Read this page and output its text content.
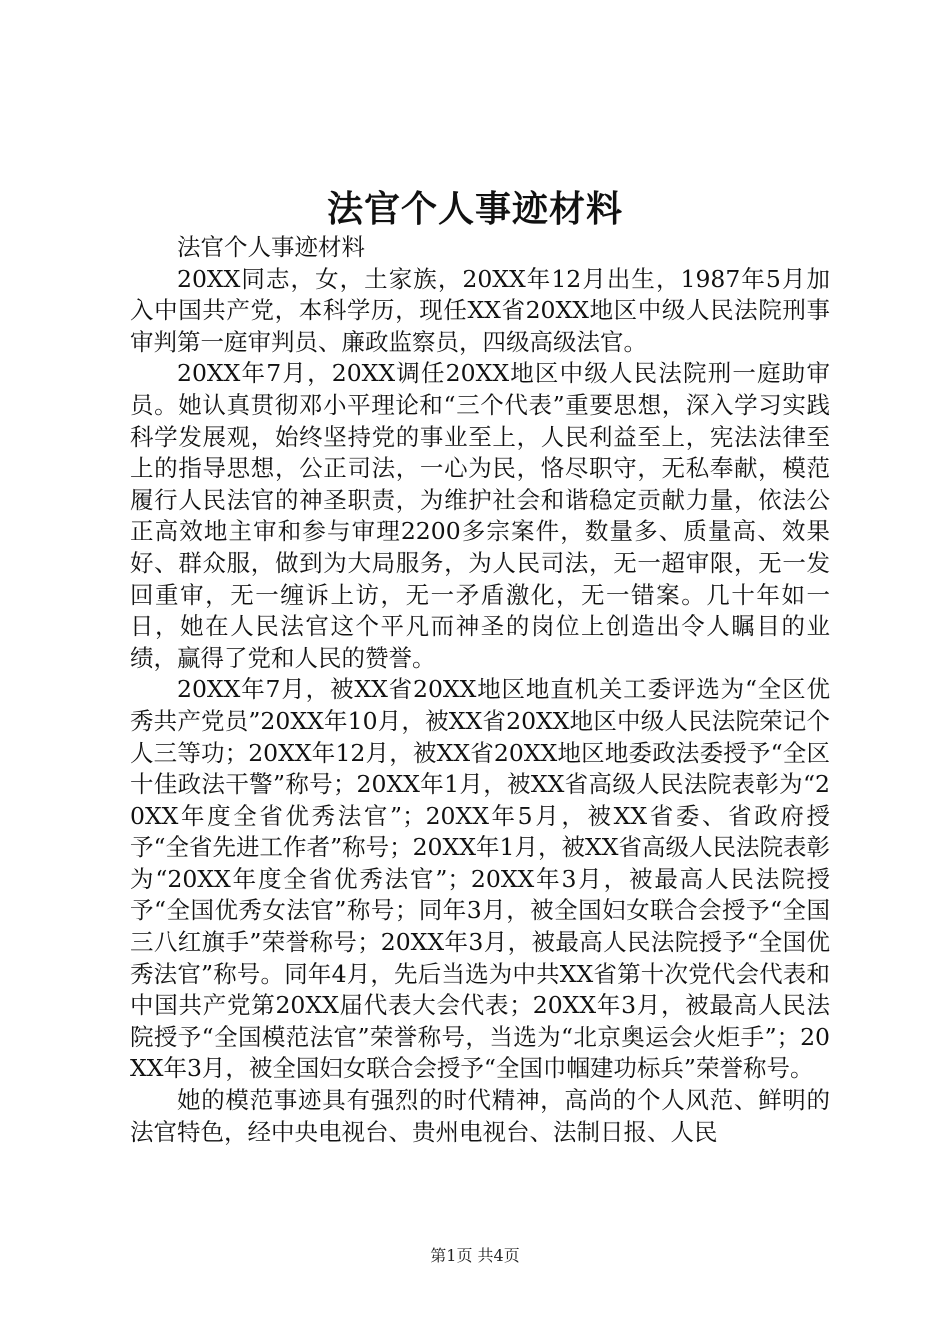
法官个人事迹材料

法官个人事迹材料

20XX同志，女，土家族，20XX年12月出生，1987年5月加入中国共产党，本科学历，现任XX省20XX地区中级人民法院刑事审判第一庭审判员、廉政监察员，四级高级法官。

20XX年7月，20XX调任20XX地区中级人民法院刑一庭助审员。她认真贯彻邓小平理论和“三个代表”重要思想，深入学习实践科学发展观，始终坚持党的事业至上，人民利益至上，宪法法律至上的指导思想，公正司法，一心为民，恪尽职守，无私奉献，模范履行人民法官的神圣职责，为维护社会和谐稳定贡献力量，依法公正高效地主审和参与审理2200多宗案件，数量多、质量高、效果好、群众服，做到为大局服务，为人民司法，无一超审限，无一发回重审，无一缠诉上访，无一矛盾激化，无一错案。几十年如一日，她在人民法官这个平凡而神圣的岗位上创造出令人瞩目的业绩，赢得了党和人民的赞誉。

20XX年7月，被XX省20XX地区地直机关工委评选为“全区优秀共产党员”20XX年10月，被XX省20XX地区中级人民法院荣记个人三等功；20XX年12月，被XX省20XX地区地委政法委授予“全区十佳政法干警”称号；20XX年1月，被XX省高级人民法院表彰为“20XX年度全省优秀法官”；20XX年5月，被XX省委、省政府授予“全省先进工作者”称号；20XX年1月，被XX省高级人民法院表彰为“20XX年度全省优秀法官”；20XX年3月，被最高人民法院授予“全国优秀女法官”称号；同年3月，被全国妇女联合会授予“全国三八红旗手”荣誉称号；20XX年3月，被最高人民法院授予“全国优秀法官”称号。同年4月，先后当选为中共XX省第十次党代会代表和中国共产党第20XX届代表大会代表；20XX年3月，被最高人民法院授予“全国模范法官”荣誉称号，当选为“北京奥运会火炬手”；20XX年3月，被全国妇女联合会授予“全国巾帼建功标兵”荣誉称号。

她的模范事迹具有强烈的时代精神，高尚的个人风范、鲜明的法官特色，经中央电视台、贵州电视台、法制日报、人民

第1页 共4页
